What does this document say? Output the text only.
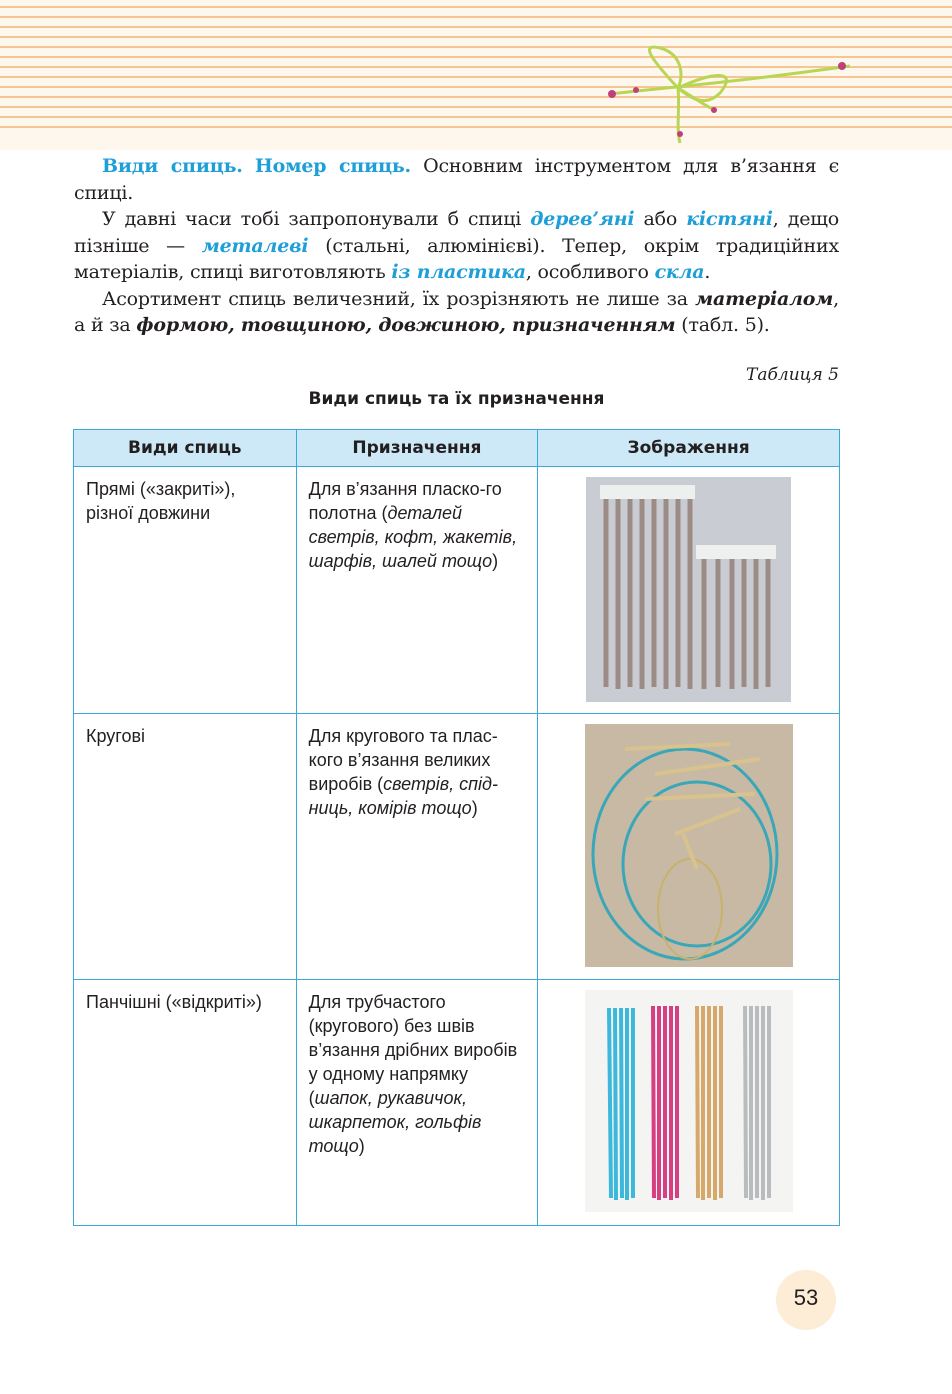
Види спиць. Номер спиць. Основним інструментом для в’язання є спиці.

У давні часи тобі запропонували б спиці дерев’яні або кістяні, дещо пізніше — металеві (стальні, алюмінієві). Тепер, окрім традиційних матеріалів, спиці виготовляють із пластика, особливого скла.

Асортимент спиць величезний, їх розрізняють не лише за матеріалом, а й за формою, товщиною, довжиною, призначенням (табл. 5).

Таблиця 5
Види спиць та їх призначення
Види спиць	Призначення	Зображення
Прямі («закриті»), різної довжини	Для в’язання пласко-го полотна (деталей светрів, кофт, жакетів, шарфів, шалей тощо)	

Кругові	Для кругового та плас-кого в’язання великих виробів (светрів, спід-ниць, комірів тощо)	

Панчішні («відкриті»)	Для трубчастого (кругового) без швів в’язання дрібних виробів у одному напрямку (шапок, рукавичок, шкарпеток, гольфів тощо)	
53
